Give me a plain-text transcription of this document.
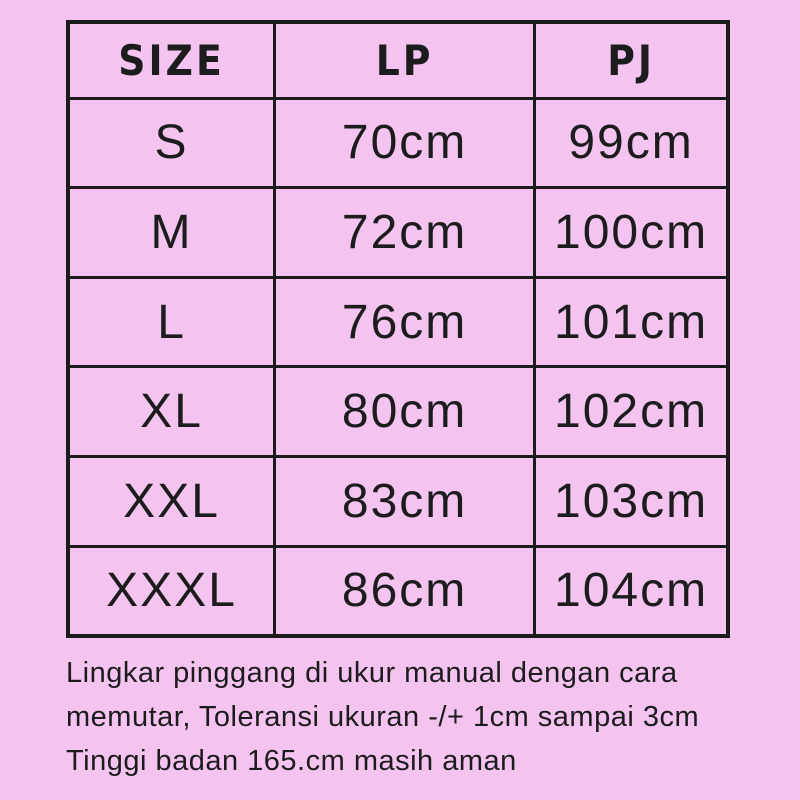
SIZE	LP	PJ
S	70cm	99cm
M	72cm	100cm
L	76cm	101cm
XL	80cm	102cm
XXL	83cm	103cm
XXXL	86cm	104cm
Lingkar pinggang di ukur manual dengan cara
memutar, Toleransi ukuran -/+ 1cm sampai 3cm
Tinggi badan 165.cm masih aman
